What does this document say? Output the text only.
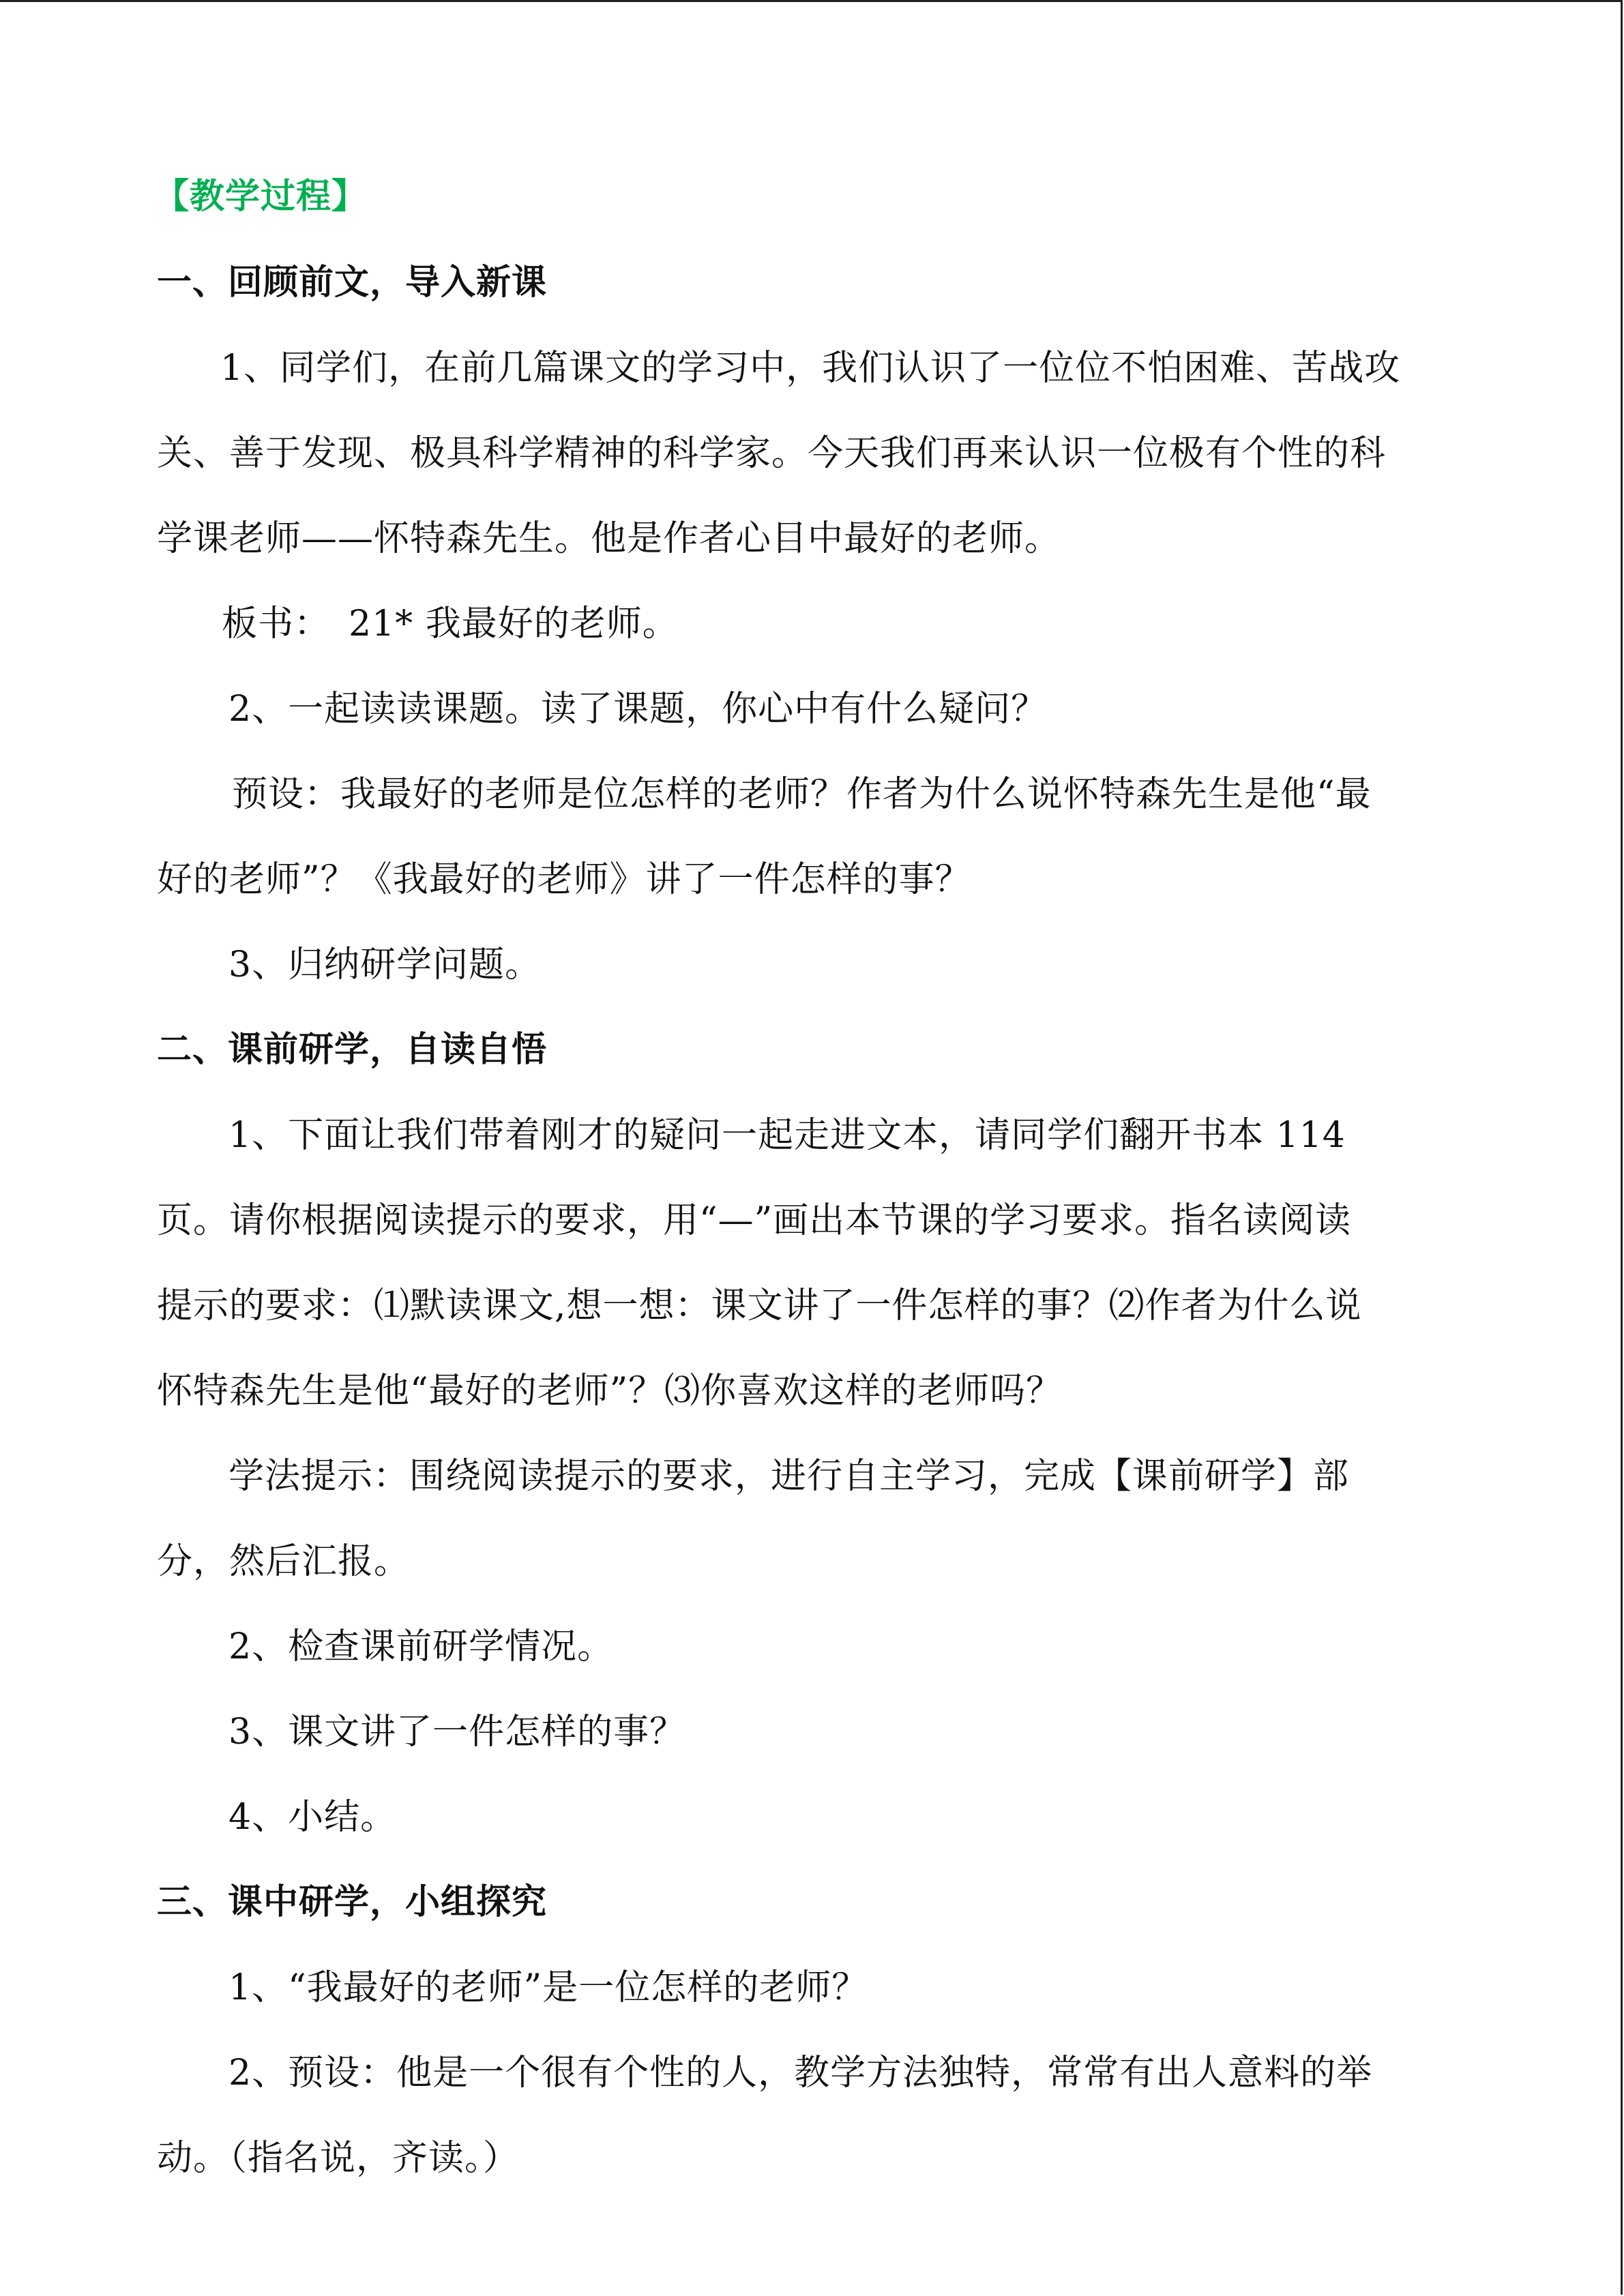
【教学过程】
一、回顾前文，导入新课
1、同学们，在前几篇课文的学习中，我们认识了一位位不怕困难、苦战攻
关、善于发现、极具科学精神的科学家。今天我们再来认识一位极有个性的科
学课老师——怀特森先生。他是作者心目中最好的老师。
板书：　21* 我最好的老师。
2、一起读读课题。读了课题，你心中有什么疑问？
预设：我最好的老师是位怎样的老师？作者为什么说怀特森先生是他“最
好的老师”？《我最好的老师》讲了一件怎样的事？
3、归纳研学问题。
二、课前研学，自读自悟
1、下面让我们带着刚才的疑问一起走进文本，请同学们翻开书本 114
页。请你根据阅读提示的要求，用“—”画出本节课的学习要求。指名读阅读
提示的要求：⑴默读课文,想一想：课文讲了一件怎样的事？⑵作者为什么说
怀特森先生是他“最好的老师”？⑶你喜欢这样的老师吗？
学法提示：围绕阅读提示的要求，进行自主学习，完成【课前研学】部
分，然后汇报。
2、检查课前研学情况。
3、课文讲了一件怎样的事？
4、小结。
三、课中研学，小组探究
1、“我最好的老师”是一位怎样的老师？
2、预设：他是一个很有个性的人，教学方法独特，常常有出人意料的举
动。（指名说，齐读。）
